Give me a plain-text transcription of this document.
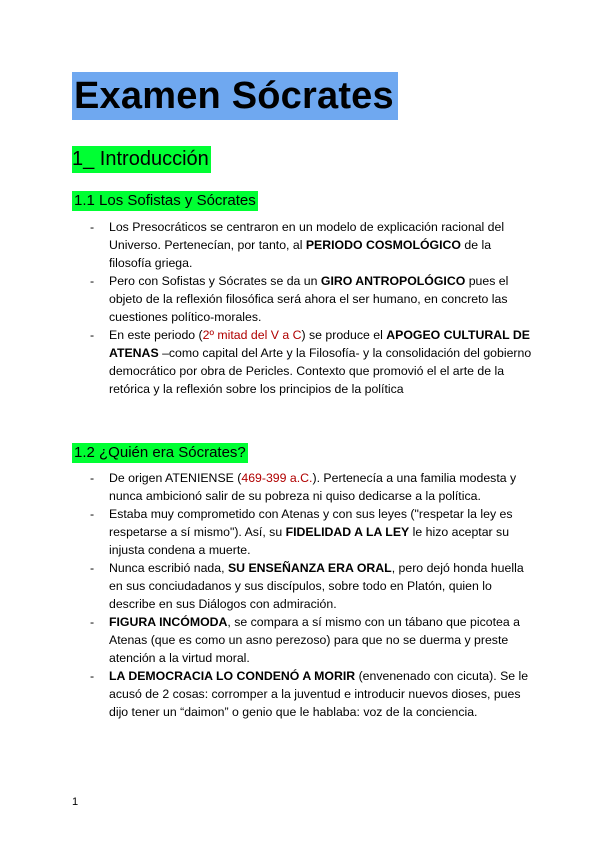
Examen Sócrates
1_ Introducción
1.1 Los Sofistas y Sócrates
- Los Presocráticos se centraron en un modelo de explicación racional del Universo. Pertenecían, por tanto, al PERIODO COSMOLÓGICO de la filosofía griega.
- Pero con Sofistas y Sócrates se da un GIRO ANTROPOLÓGICO pues el objeto de la reflexión filosófica será ahora el ser humano, en concreto las cuestiones político-morales.
- En este periodo (2º mitad del V a C) se produce el APOGEO CULTURAL DE ATENAS –como capital del Arte y la Filosofía- y la consolidación del gobierno democrático por obra de Pericles. Contexto que promovió el el arte de la retórica y la reflexión sobre los principios de la política
1.2 ¿Quién era Sócrates?
- De origen ATENIENSE (469-399 a.C.). Pertenecía a una familia modesta y nunca ambicionó salir de su pobreza ni quiso dedicarse a la política.
- Estaba muy comprometido con Atenas y con sus leyes ("respetar la ley es respetarse a sí mismo"). Así, su FIDELIDAD A LA LEY le hizo aceptar su injusta condena a muerte.
- Nunca escribió nada, SU ENSEÑANZA ERA ORAL, pero dejó honda huella en sus conciudadanos y sus discípulos, sobre todo en Platón, quien lo describe en sus Diálogos con admiración.
- FIGURA INCÓMODA, se compara a sí mismo con un tábano que picotea a Atenas (que es como un asno perezoso) para que no se duerma y preste atención a la virtud moral.
- LA DEMOCRACIA LO CONDENÓ A MORIR (envenenado con cicuta). Se le acusó de 2 cosas: corromper a la juventud e introducir nuevos dioses, pues dijo tener un “daimon” o genio que le hablaba: voz de la conciencia.
1
